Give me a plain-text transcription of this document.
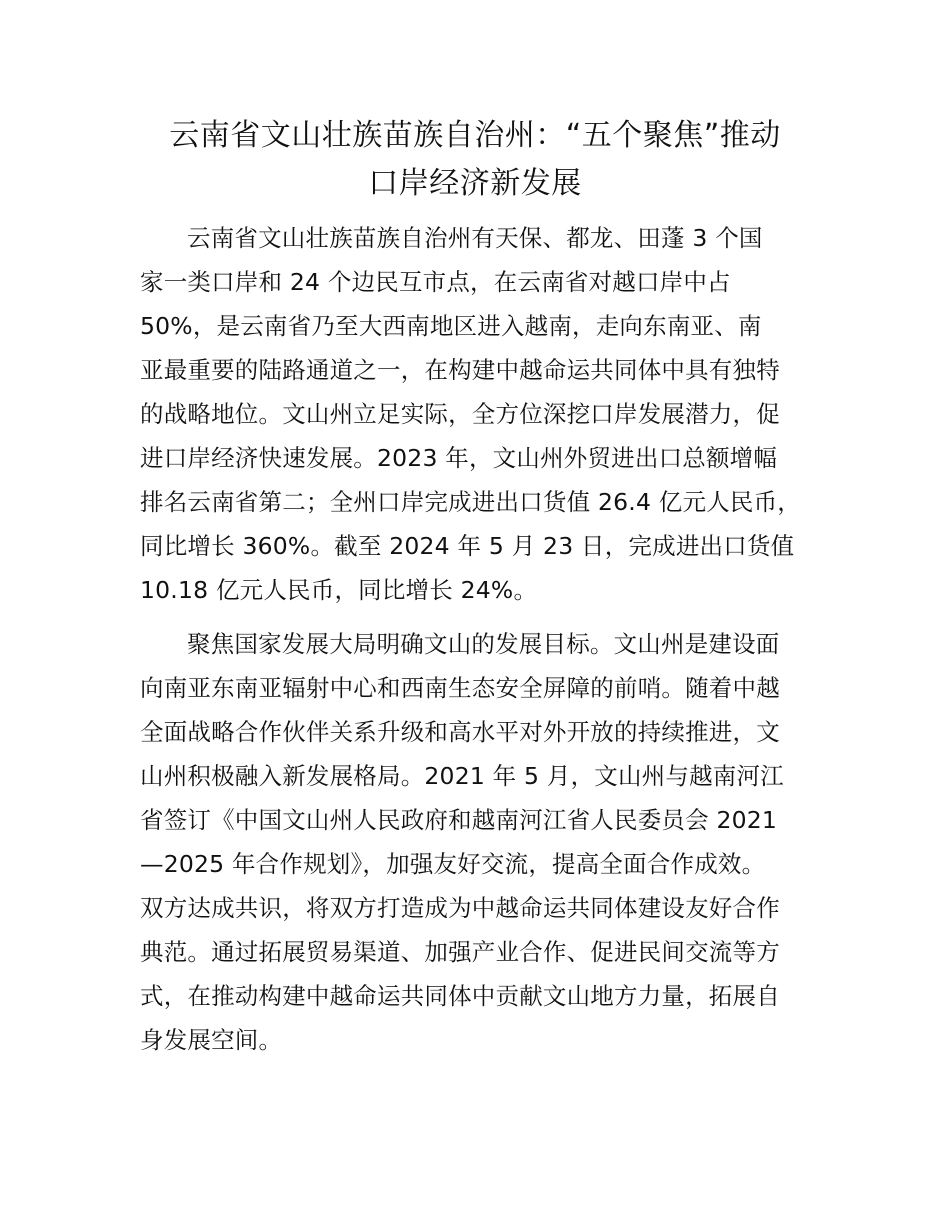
云南省文山壮族苗族自治州：“五个聚焦”推动
口岸经济新发展

云南省文山壮族苗族自治州有天保、都龙、田蓬 3 个国
家一类口岸和 24 个边民互市点，在云南省对越口岸中占
50%，是云南省乃至大西南地区进入越南，走向东南亚、南
亚最重要的陆路通道之一，在构建中越命运共同体中具有独特
的战略地位。文山州立足实际，全方位深挖口岸发展潜力，促
进口岸经济快速发展。2023 年，文山州外贸进出口总额增幅
排名云南省第二；全州口岸完成进出口货值 26.4 亿元人民币，
同比增长 360%。截至 2024 年 5 月 23 日，完成进出口货值
10.18 亿元人民币，同比增长 24%。

聚焦国家发展大局明确文山的发展目标。文山州是建设面
向南亚东南亚辐射中心和西南生态安全屏障的前哨。随着中越
全面战略合作伙伴关系升级和高水平对外开放的持续推进，文
山州积极融入新发展格局。2021 年 5 月，文山州与越南河江
省签订《中国文山州人民政府和越南河江省人民委员会 2021
—2025 年合作规划》，加强友好交流，提高全面合作成效。
双方达成共识，将双方打造成为中越命运共同体建设友好合作
典范。通过拓展贸易渠道、加强产业合作、促进民间交流等方
式，在推动构建中越命运共同体中贡献文山地方力量，拓展自
身发展空间。
